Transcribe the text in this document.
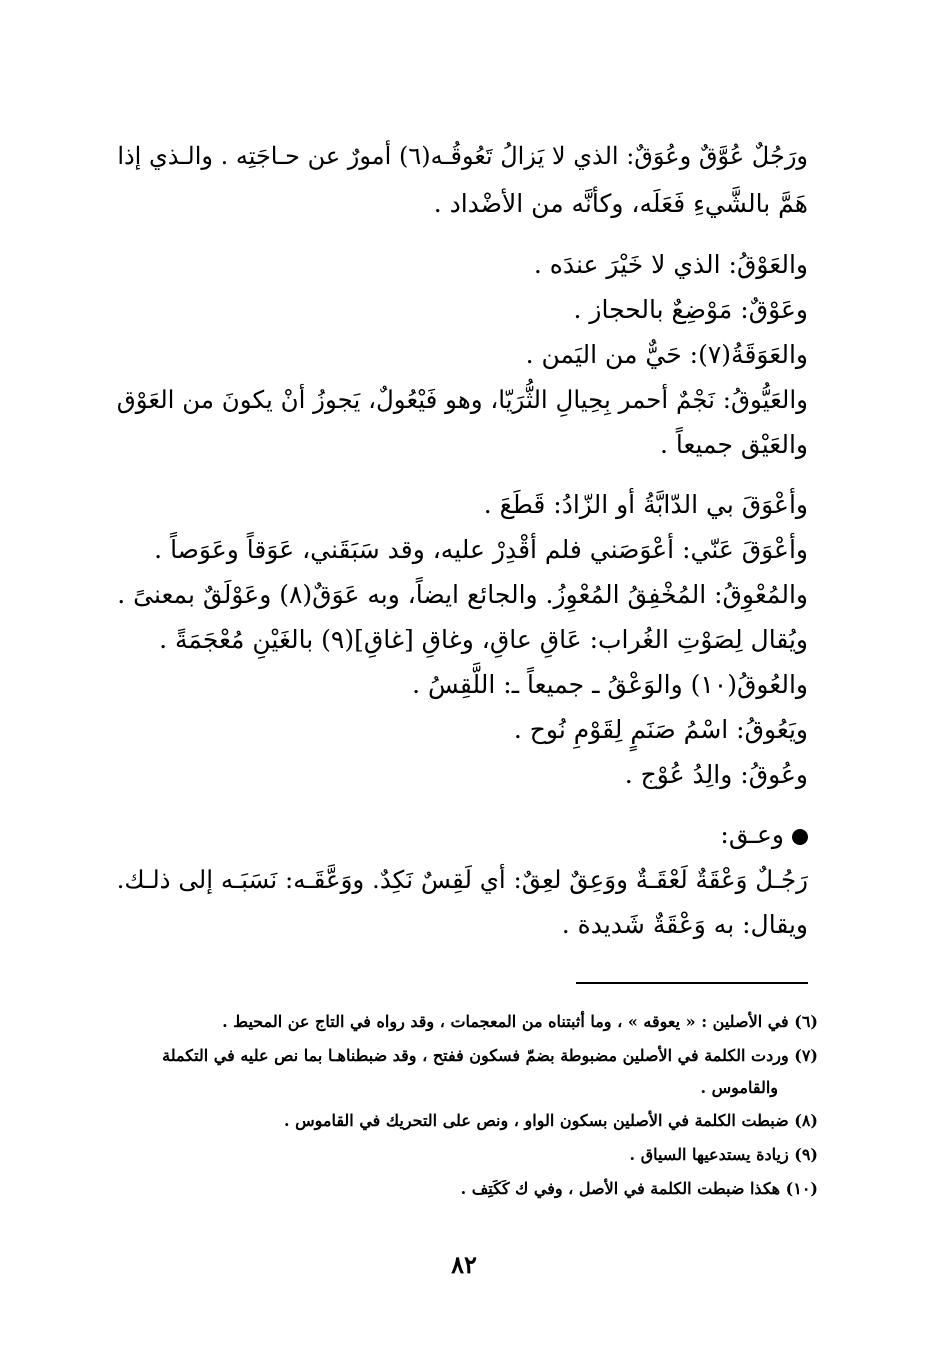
ورَجُلٌ عُوَّقٌ وعُوَقٌ: الذي لا يَزالُ تَعُوقُـه(٦) أمورٌ عن حـاجَتِه . والـذي إذا
هَمَّ بالشَّيءِ فَعَلَه، وكأنَّه من الأضْداد .
والعَوْقُ: الذي لا خَيْرَ عندَه .
وعَوْقٌ: مَوْضِعٌ بالحجاز .
والعَوَقَةُ(٧): حَيٌّ من اليَمن .
والعَيُّوقُ: نَجْمٌ أحمر بِحِيالِ الثُّرَيّا، وهو فَيْعُولٌ، يَجوزُ أنْ يكونَ من العَوْق
والعَيْق جميعاً .
وأعْوَقَ بي الدّابَّةُ أو الزّادُ: قَطَعَ .
وأعْوَقَ عَنّي: أعْوَصَني فلم أقْدِرْ عليه، وقد سَبَقَني، عَوَقاً وعَوَصاً .
والمُعْوِقُ: المُخْفِقُ المُعْوِزُ. والجائع ايضاً، وبه عَوَقٌ(٨) وعَوْلَقٌ بمعنىً .
ويُقال لِصَوْتِ الغُراب: عَاقِ عاقِ، وغاقِ [غاقِ](٩) بالغَيْنِ مُعْجَمَةً .
والعُوقُ(١٠) والوَعْقُ ـ جميعاً ـ: اللَّقِسُ .
ويَعُوقُ: اسْمُ صَنَمٍ لِقَوْمِ نُوح .
وعُوقُ: والِدُ عُوْج .
وعـق:
رَجُـلٌ وَعْقَةٌ لَعْقَـةٌ ووَعِقٌ لعِقٌ: أي لَقِسٌ نَكِدٌ. ووَعَّقَـه: نَسَبَـه إلى ذلـك.
ويقال: به وَعْقَةٌ شَديدة .
(٦) في الأصلين : « يعوقه » ، وما أثبتناه من المعجمات ، وقد رواه في التاج عن المحيط .
(٧) وردت الكلمة في الأصلين مضبوطة بضمّ فسكون ففتح ، وقد ضبطناهـا بما نص عليه في التكملة
والقاموس .
(٨) ضبطت الكلمة في الأصلين بسكون الواو ، ونص على التحريك في القاموس .
(٩) زيادة يستدعيها السياق .
(١٠) هكذا ضبطت الكلمة في الأصل ، وفي ك كَكَتِف .
٨٢
